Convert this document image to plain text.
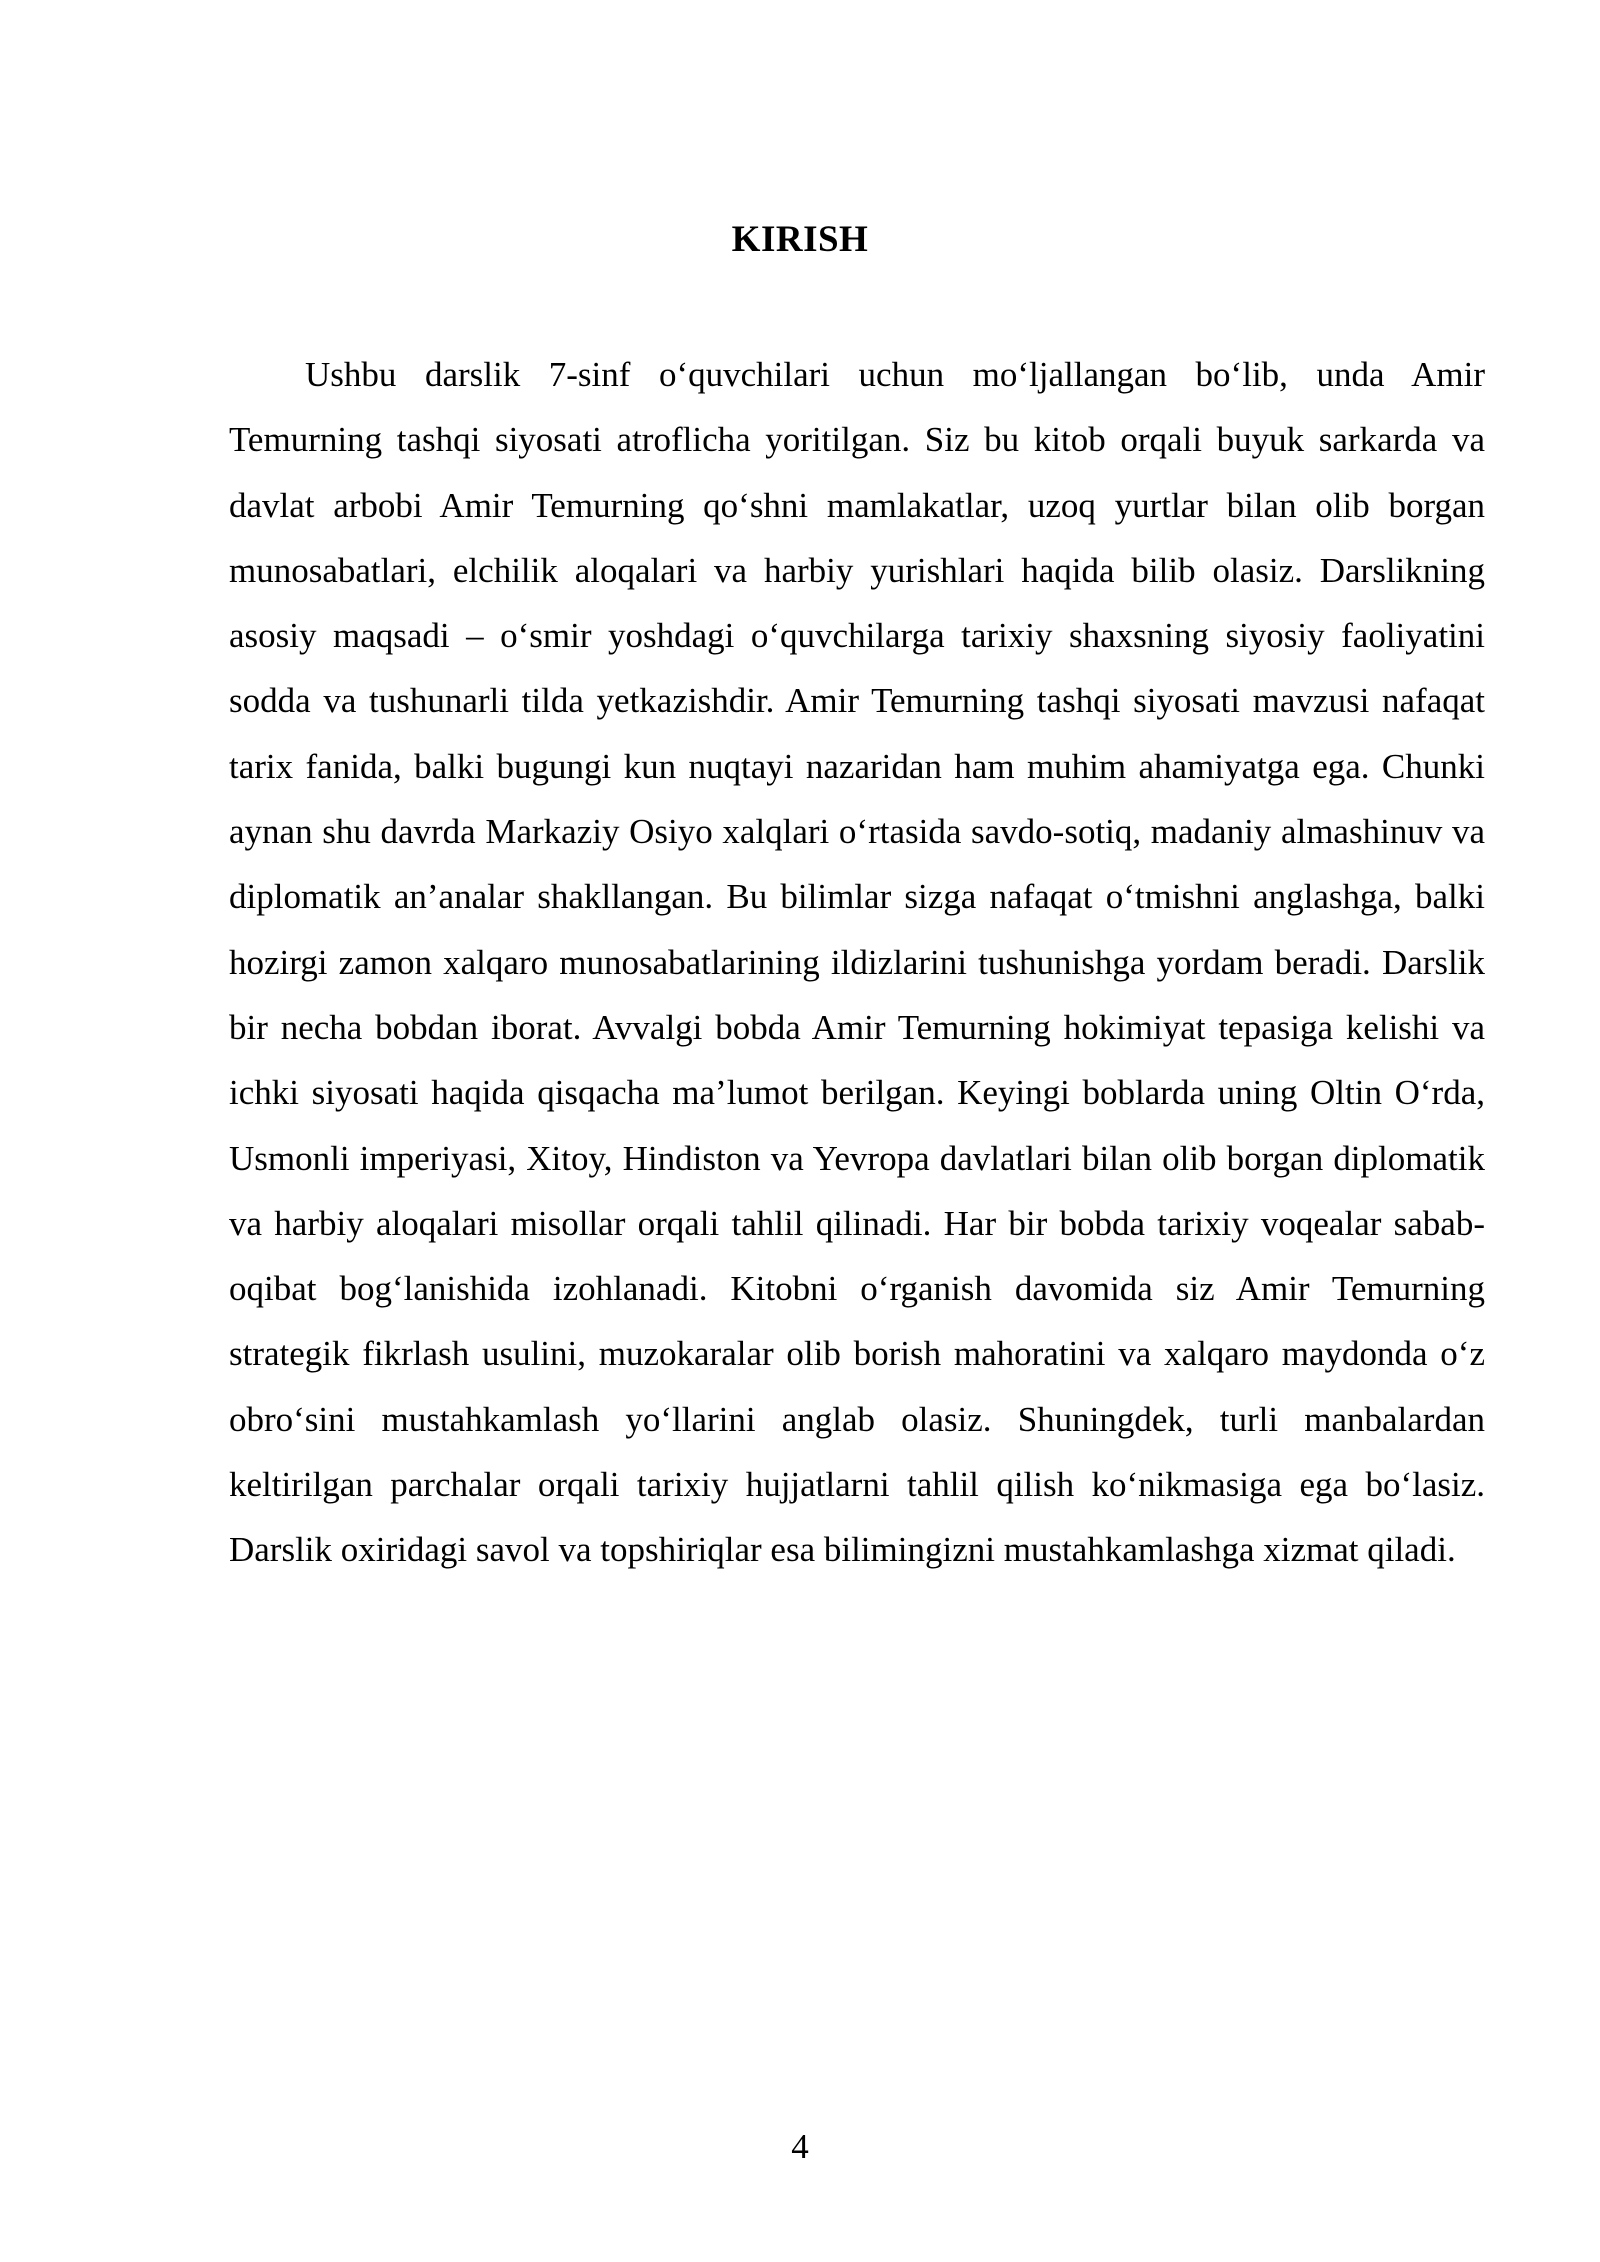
KIRISH

Ushbu darslik 7-sinf o‘quvchilari uchun mo‘ljallangan bo‘lib, unda Amir Temurning tashqi siyosati atroflicha yoritilgan. Siz bu kitob orqali buyuk sarkarda va davlat arbobi Amir Temurning qo‘shni mamlakatlar, uzoq yurtlar bilan olib borgan munosabatlari, elchilik aloqalari va harbiy yurishlari haqida bilib olasiz. Darslikning asosiy maqsadi – o‘smir yoshdagi o‘quvchilarga tarixiy shaxsning siyosiy faoliyatini sodda va tushunarli tilda yetkazishdir. Amir Temurning tashqi siyosati mavzusi nafaqat tarix fanida, balki bugungi kun nuqtayi nazaridan ham muhim ahamiyatga ega. Chunki aynan shu davrda Markaziy Osiyo xalqlari o‘rtasida savdo-sotiq, madaniy almashinuv va diplomatik an’analar shakllangan. Bu bilimlar sizga nafaqat o‘tmishni anglashga, balki hozirgi zamon xalqaro munosabatlarining ildizlarini tushunishga yordam beradi. Darslik bir necha bobdan iborat. Avvalgi bobda Amir Temurning hokimiyat tepasiga kelishi va ichki siyosati haqida qisqacha ma’lumot berilgan. Keyingi boblarda uning Oltin O‘rda, Usmonli imperiyasi, Xitoy, Hindiston va Yevropa davlatlari bilan olib borgan diplomatik va harbiy aloqalari misollar orqali tahlil qilinadi. Har bir bobda tarixiy voqealar sabab-oqibat bog‘lanishida izohlanadi. Kitobni o‘rganish davomida siz Amir Temurning strategik fikrlash usulini, muzokaralar olib borish mahoratini va xalqaro maydonda o‘z obro‘sini mustahkamlash yo‘llarini anglab olasiz. Shuningdek, turli manbalardan keltirilgan parchalar orqali tarixiy hujjatlarni tahlil qilish ko‘nikmasiga ega bo‘lasiz. Darslik oxiridagi savol va topshiriqlar esa bilimingizni mustahkamlashga xizmat qiladi.

4
